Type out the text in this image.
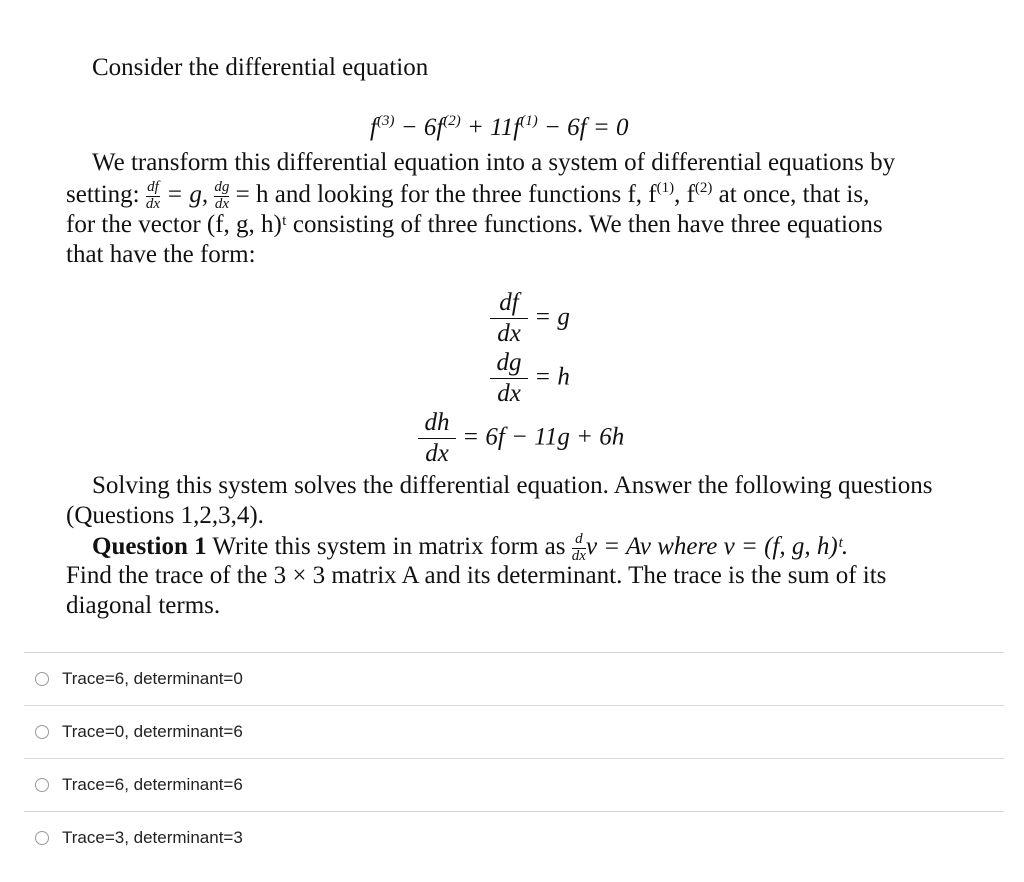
Consider the differential equation
$f^{(3)} - 6f^{(2)} + 11f^{(1)} - 6f = 0$
We transform this differential equation into a system of differential equations by
setting: $\frac{df}{dx} = g$, $\frac{dg}{dx} = h$ and looking for the three functions f, $f^{(1)}$, $f^{(2)}$ at once, that is,
for the vector (f, g, h)ᵗ consisting of three functions. We then have three equations
that have the form:
$\frac{df}{dx} = g$
$\frac{dg}{dx} = h$
$\frac{dh}{dx} = 6f - 11g + 6h$
Solving this system solves the differential equation. Answer the following questions
(Questions 1,2,3,4).
Question 1 Write this system in matrix form as $\frac{d}{dx}$ v = Av where v = (f, g, h)ᵗ.
Find the trace of the 3 × 3 matrix A and its determinant. The trace is the sum of its
diagonal terms.
Trace=6, determinant=0
Trace=0, determinant=6
Trace=6, determinant=6
Trace=3, determinant=3
